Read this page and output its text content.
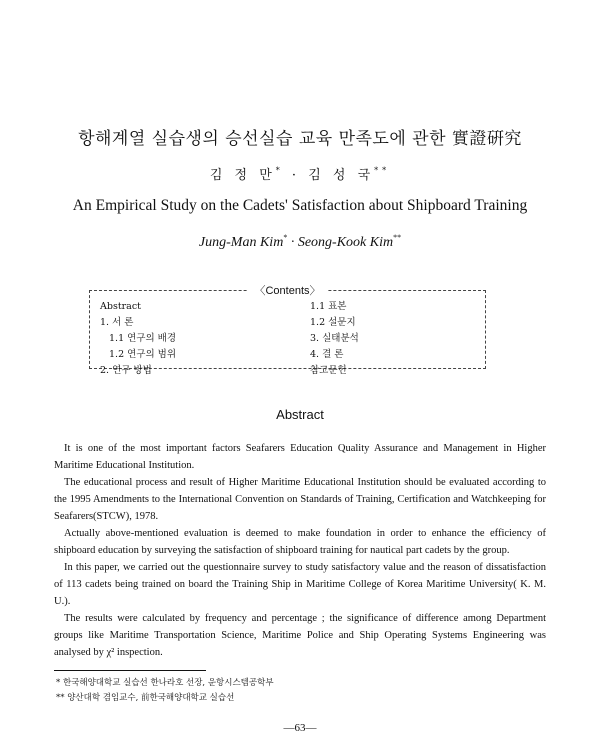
항해계열 실습생의 승선실습 교육 만족도에 관한 實證硏究
김 정 만* · 김 성 국**
An Empirical Study on the Cadets' Satisfaction about Shipboard Training
Jung-Man Kim* · Seong-Kook Kim**
〈Contents〉
Abstract
1. 서 론
1.1 연구의 배경
1.2 연구의 범위
2. 연구 방법
1.1 표본
1.2 설문지
3. 실태분석
4. 결 론
참고문헌
Abstract

It is one of the most important factors Seafarers Education Quality Assurance and Management in Higher Maritime Educational Institution.

The educational process and result of Higher Maritime Educational Institution should be evaluated according to the 1995 Amendments to the International Convention on Standards of Training, Certification and Watchkeeping for Seafarers(STCW), 1978.

Actually above-mentioned evaluation is deemed to make foundation in order to enhance the efficiency of shipboard education by surveying the satisfaction of shipboard training for nautical part cadets by the group.

In this paper, we carried out the questionnaire survey to study satisfactory value and the reason of dissatisfaction of 113 cadets being trained on board the Training Ship in Maritime College of Korea Maritime University( K. M. U.).

The results were calculated by frequency and percentage ; the significance of difference among Department groups like Maritime Transportation Science, Maritime Police and Ship Operating Systems Engineering was analysed by χ² inspection.

* 한국해양대학교 실습선 한나라호 선장, 운항시스템공학부
** 양산대학 겸임교수, 前한국해양대학교 실습선
—63—
